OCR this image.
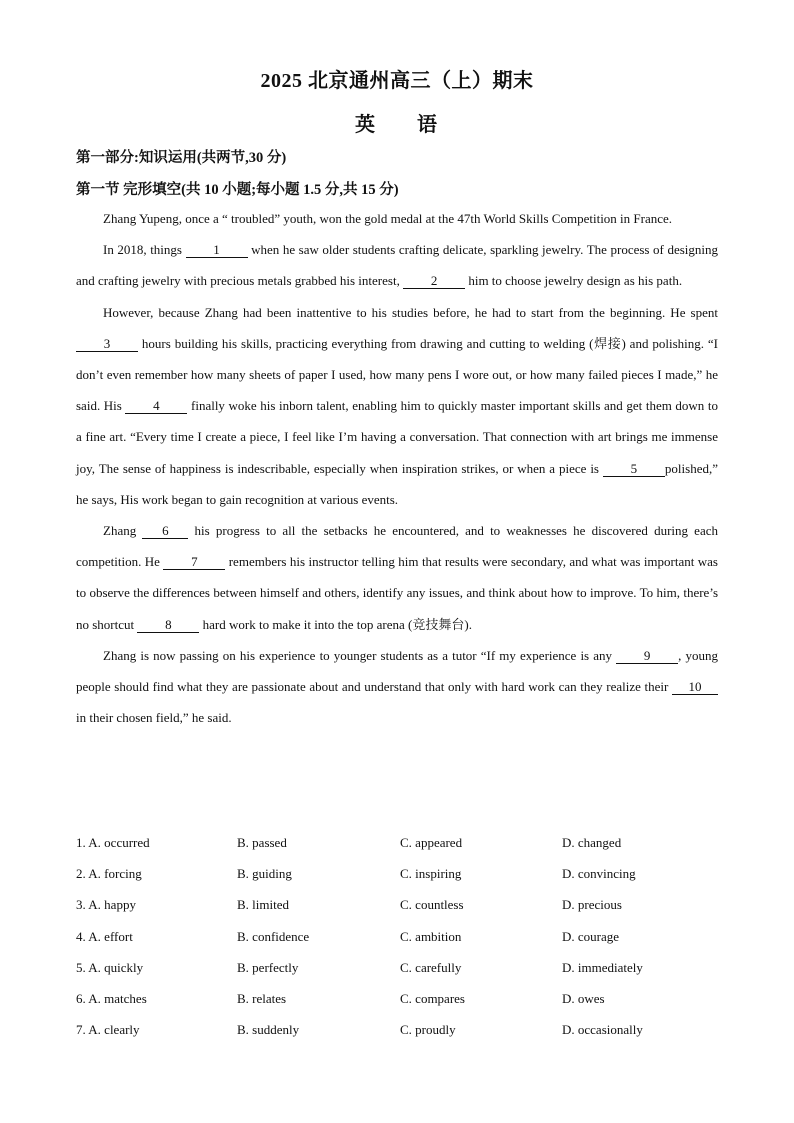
2025 北京通州高三（上）期末
英 语
第一部分:知识运用(共两节,30 分)
第一节 完形填空(共 10 小题;每小题 1.5 分,共 15 分)

Zhang Yupeng, once a “ troubled” youth, won the gold medal at the 47th World Skills Competition in France.

In 2018, things 1 when he saw older students crafting delicate, sparkling jewelry. The process of designing and crafting jewelry with precious metals grabbed his interest, 2 him to choose jewelry design as his path.

However, because Zhang had been inattentive to his studies before, he had to start from the beginning. He spent 3 hours building his skills, practicing everything from drawing and cutting to welding (焊接) and polishing. “I don’t even remember how many sheets of paper I used, how many pens I wore out, or how many failed pieces I made,” he said. His 4 finally woke his inborn talent, enabling him to quickly master important skills and get them down to a fine art. “Every time I create a piece, I feel like I’m having a conversation. That connection with art brings me immense joy, The sense of happiness is indescribable, especially when inspiration strikes, or when a piece is 5 polished,” he says, His work began to gain recognition at various events.

Zhang 6 his progress to all the setbacks he encountered, and to weaknesses he discovered during each competition. He 7 remembers his instructor telling him that results were secondary, and what was important was to observe the differences between himself and others, identify any issues, and think about how to improve. To him, there’s no shortcut 8 hard work to make it into the top arena (竞技舞台).

Zhang is now passing on his experience to younger students as a tutor “If my experience is any 9 , young people should find what they are passionate about and understand that only with hard work can they realize their 10 in their chosen field,” he said.

1. A. occurred	B. passed	C. appeared	D. changed
2. A. forcing	B. guiding	C. inspiring	D. convincing
3. A. happy	B. limited	C. countless	D. precious
4. A. effort	B. confidence	C. ambition	D. courage
5. A. quickly	B. perfectly	C. carefully	D. immediately
6. A. matches	B. relates	C. compares	D. owes
7. A. clearly	B. suddenly	C. proudly	D. occasionally
